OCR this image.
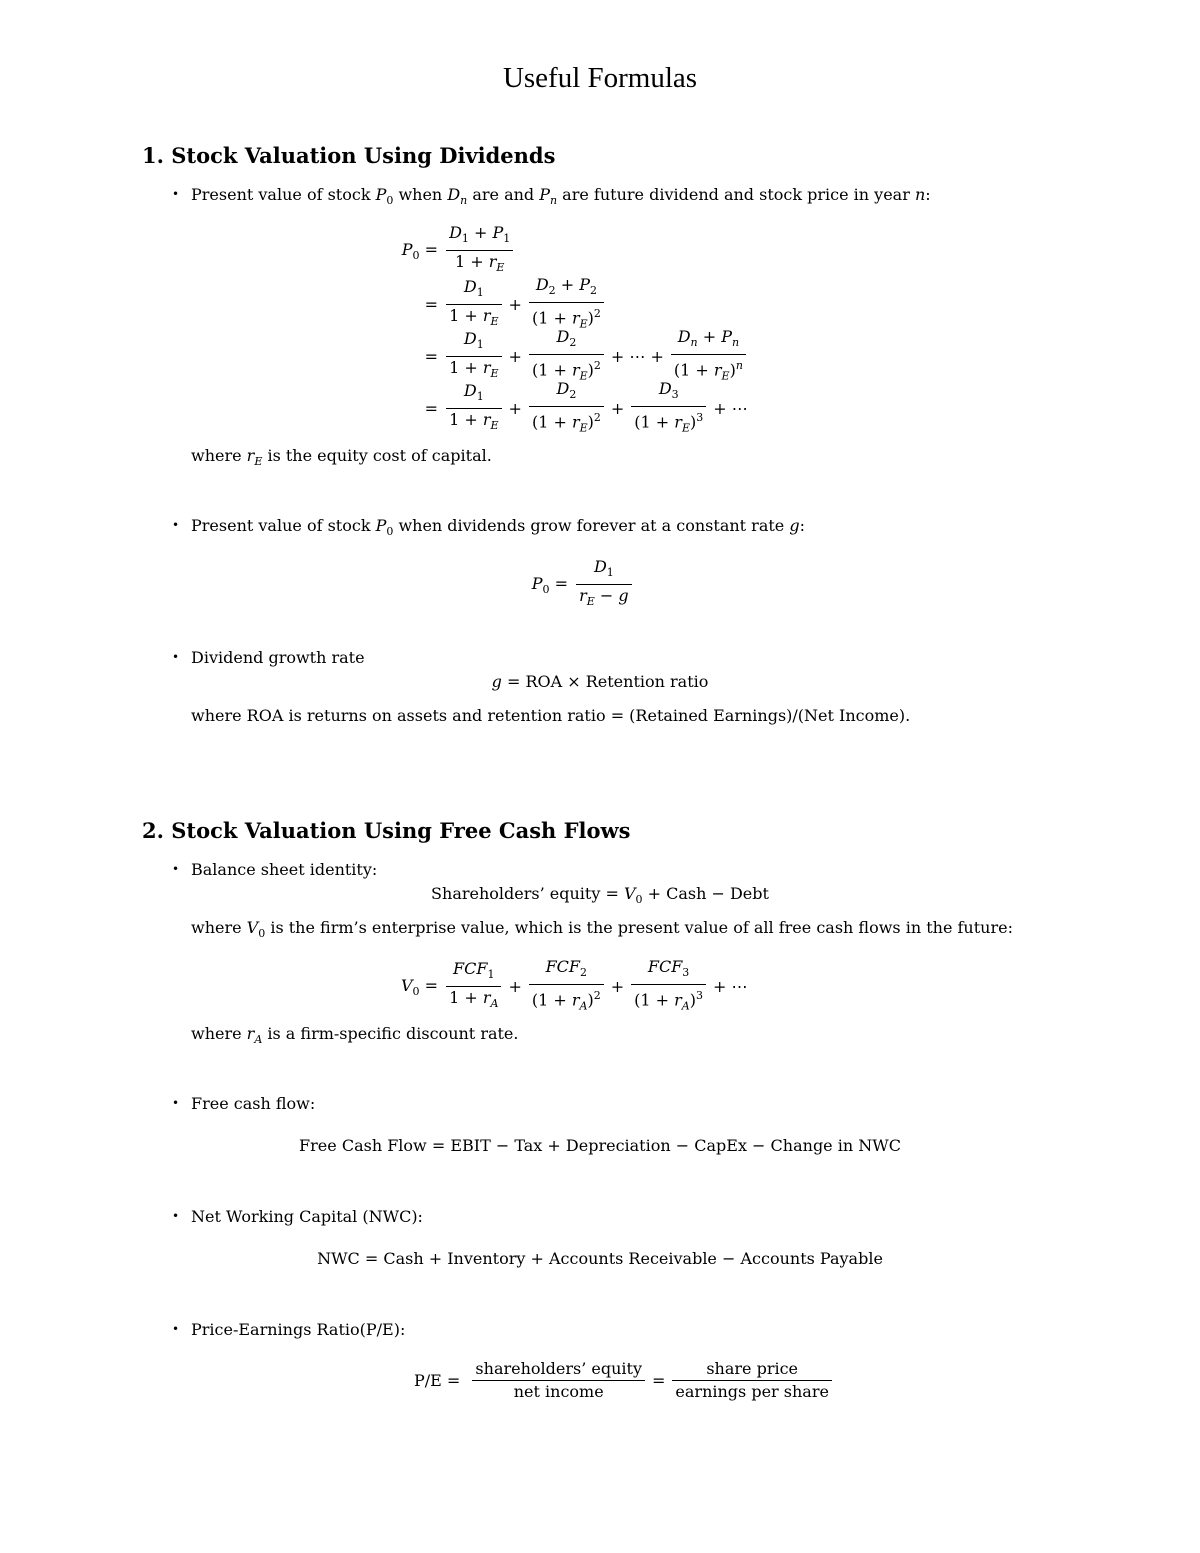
Useful Formulas
1. Stock Valuation Using Dividends
• Present value of stock $P_0$ when $D_n$ are and $P_n$ are future dividend and stock price in year n:
$P_0 = \frac{D_1 + P_1}{1 + r_E}$
= $\frac{D_1}{1 + r_E} + \frac{D_2 + P_2}{(1 + r_E)^2}$
= $\frac{D_1}{1 + r_E} + \frac{D_2}{(1 + r_E)^2}$ + ⋯ + $\frac{D_n + P_n}{(1 + r_E)^n}$
= $\frac{D_1}{1 + r_E} + \frac{D_2}{(1 + r_E)^2} + \frac{D_3}{(1 + r_E)^3}$ + ⋯
where $r_E$ is the equity cost of capital.
• Present value of stock $P_0$ when dividends grow forever at a constant rate g:
$P_0 = \frac{D_1}{r_E - g}$
• Dividend growth rate
g = ROA × Retention ratio
where ROA is returns on assets and retention ratio = (Retained Earnings)/(Net Income).
2. Stock Valuation Using Free Cash Flows
• Balance sheet identity:
Shareholders’ equity = $V_0$ + Cash − Debt
where $V_0$ is the firm’s enterprise value, which is the present value of all free cash flows in the future:
$V_0 = \frac{FCF_1}{1 + r_A} + \frac{FCF_2}{(1 + r_A)^2} + \frac{FCF_3}{(1 + r_A)^3}$ + ⋯
where $r_A$ is a firm-specific discount rate.
• Free cash flow:
Free Cash Flow = EBIT − Tax + Depreciation − CapEx − Change in NWC
• Net Working Capital (NWC):
NWC = Cash + Inventory + Accounts Receivable − Accounts Payable
• Price-Earnings Ratio(P/E):
$P/E = \frac{\text{shareholders’ equity}}{\text{net income}} = \frac{\text{share price}}{\text{earnings per share}}$
